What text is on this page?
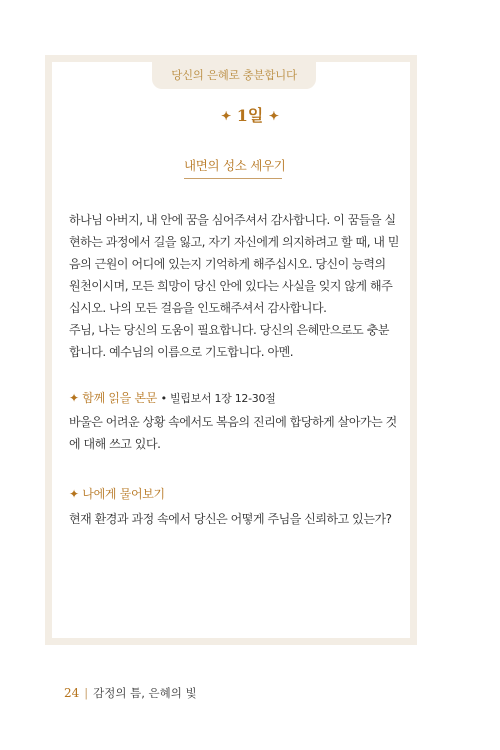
당신의 은혜로 충분합니다
✦ 1일 ✦
내면의 성소 세우기
하나님 아버지, 내 안에 꿈을 심어주셔서 감사합니다. 이 꿈들을 실
현하는 과정에서 길을 잃고, 자기 자신에게 의지하려고 할 때, 내 믿
음의 근원이 어디에 있는지 기억하게 해주십시오. 당신이 능력의
원천이시며, 모든 희망이 당신 안에 있다는 사실을 잊지 않게 해주
십시오. 나의 모든 걸음을 인도해주셔서 감사합니다.
주님, 나는 당신의 도움이 필요합니다. 당신의 은혜만으로도 충분
합니다. 예수님의 이름으로 기도합니다. 아멘.
✦ 함께 읽을 본문 • 빌립보서 1장 12-30절
바울은 어려운 상황 속에서도 복음의 진리에 합당하게 살아가는 것
에 대해 쓰고 있다.
✦ 나에게 물어보기
현재 환경과 과정 속에서 당신은 어떻게 주님을 신뢰하고 있는가?
24 | 감정의 틈, 은혜의 빛
